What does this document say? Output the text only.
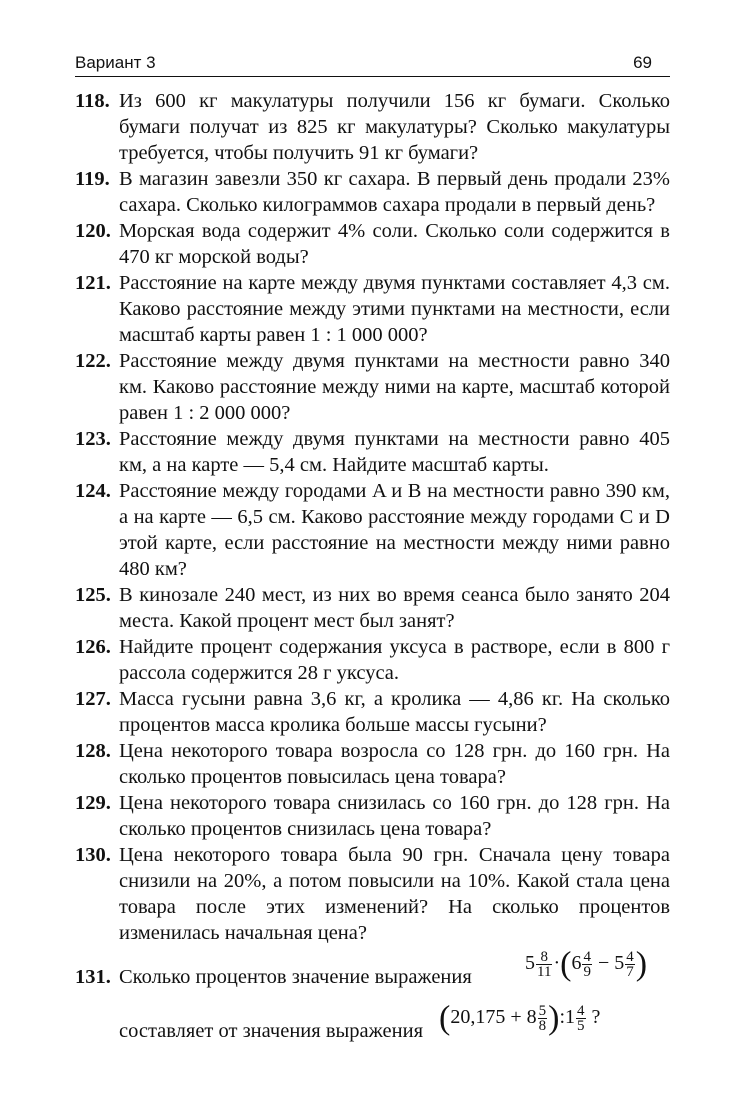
Вариант 3	69
118. Из 600 кг макулатуры получили 156 кг бумаги. Сколько бумаги получат из 825 кг макулатуры? Сколько макулатуры требуется, чтобы получить 91 кг бумаги?
119. В магазин завезли 350 кг сахара. В первый день продали 23% сахара. Сколько килограммов сахара продали в первый день?
120. Морская вода содержит 4% соли. Сколько соли содержится в 470 кг морской воды?
121. Расстояние на карте между двумя пунктами составляет 4,3 см. Каково расстояние между этими пунктами на местности, если масштаб карты равен 1 : 1 000 000?
122. Расстояние между двумя пунктами на местности равно 340 км. Каково расстояние между ними на карте, масштаб которой равен 1 : 2 000 000?
123. Расстояние между двумя пунктами на местности равно 405 км, а на карте — 5,4 см. Найдите масштаб карты.
124. Расстояние между городами A и B на местности равно 390 км, а на карте — 6,5 см. Каково расстояние между городами C и D этой карте, если расстояние на местности между ними равно 480 км?
125. В кинозале 240 мест, из них во время сеанса было занято 204 места. Какой процент мест был занят?
126. Найдите процент содержания уксуса в растворе, если в 800 г рассола содержится 28 г уксуса.
127. Масса гусыни равна 3,6 кг, а кролика — 4,86 кг. На сколько процентов масса кролика больше массы гусыни?
128. Цена некоторого товара возросла со 128 грн. до 160 грн. На сколько процентов повысилась цена товара?
129. Цена некоторого товара снизилась со 160 грн. до 128 грн. На сколько процентов снизилась цена товара?
130. Цена некоторого товара была 90 грн. Сначала цену товара снизили на 20%, а потом повысили на 10%. Какой стала цена товара после этих изменений? На сколько процентов изменилась начальная цена?
131. Сколько процентов значение выражения
$5 \frac{8}{11} \cdot(6 \frac{4}{9} - 5 \frac{4}{7}$ )
составляет от значения выражения ($20,175 + 8 \frac{5}{8}$ ):1 $\frac{4}{5}$ ?
